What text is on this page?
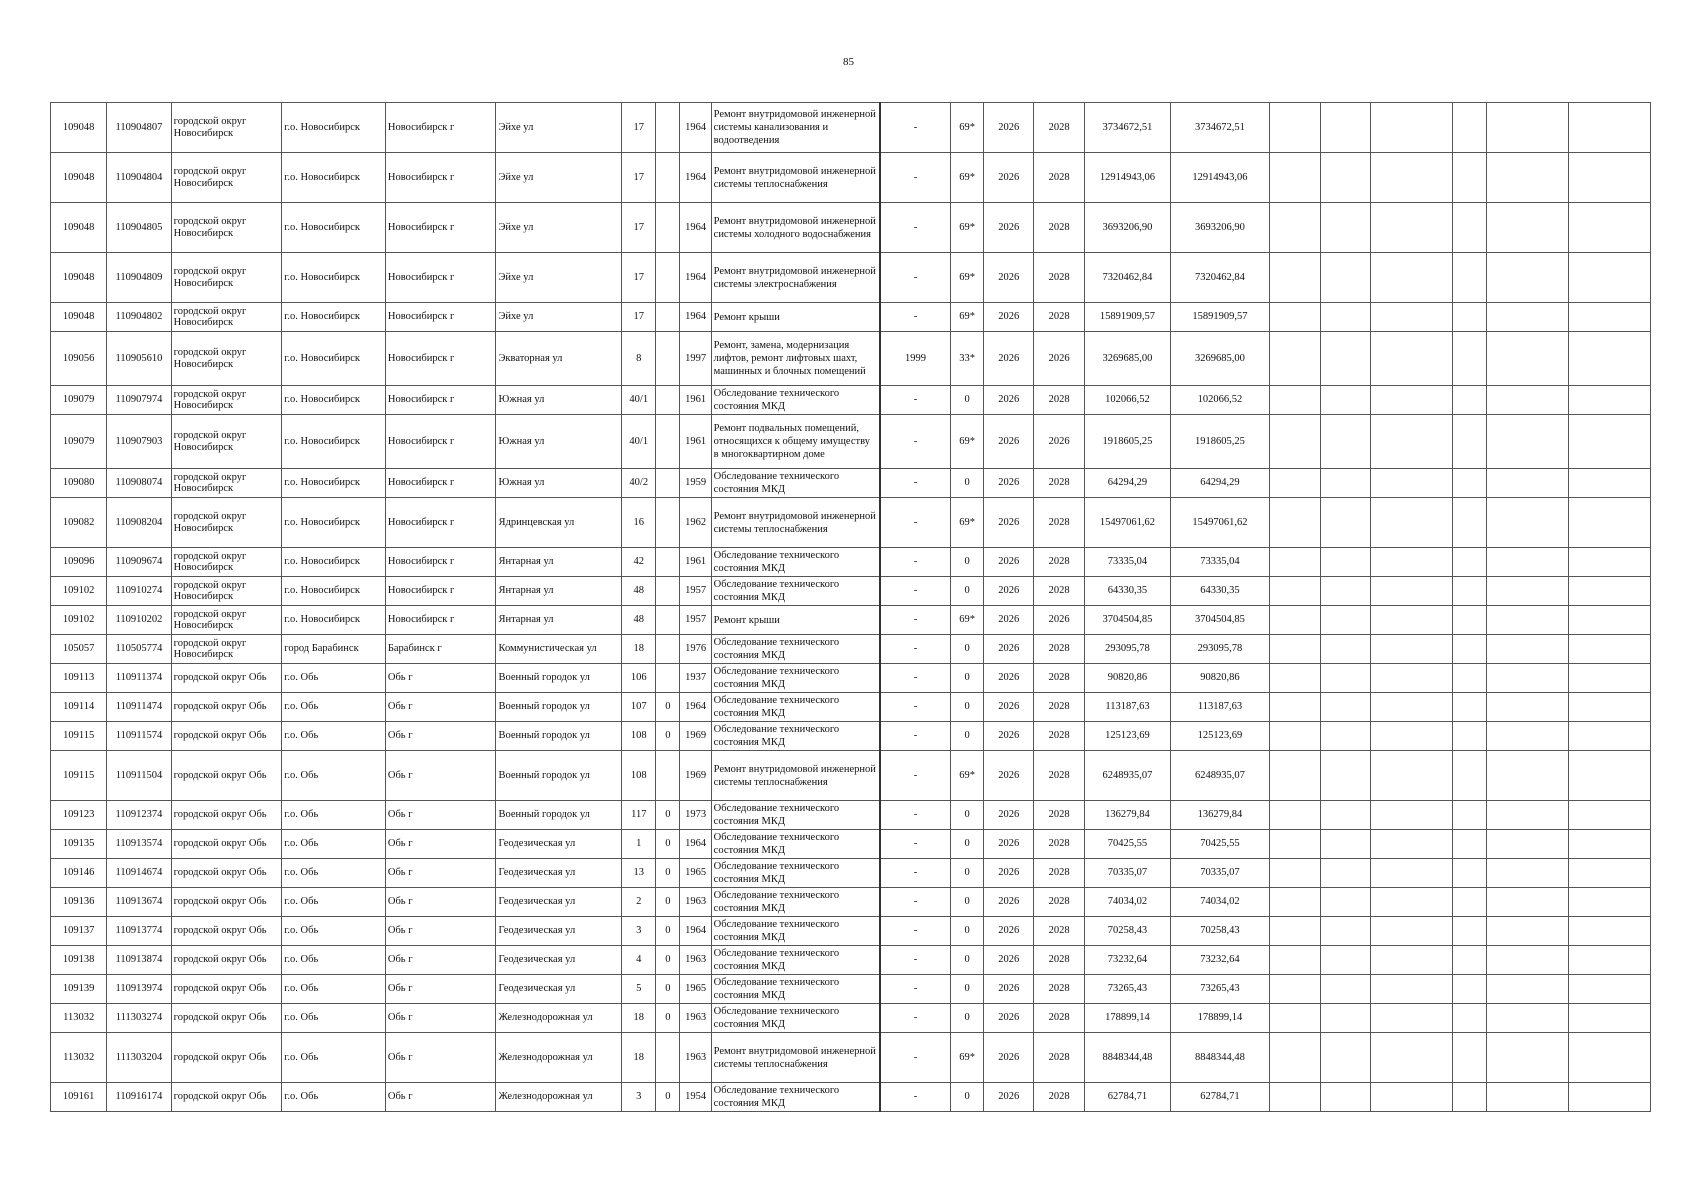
85
109048	110904807	городской округ Новосибирск	г.о. Новосибирск	Новосибирск г	Эйхе ул	17		1964	Ремонт внутридомовой инженерной системы канализования и водоотведения	-	69*	2026	2028	3734672,51	3734672,51						
109048	110904804	городской округ Новосибирск	г.о. Новосибирск	Новосибирск г	Эйхе ул	17		1964	Ремонт внутридомовой инженерной системы теплоснабжения	-	69*	2026	2028	12914943,06	12914943,06						
109048	110904805	городской округ Новосибирск	г.о. Новосибирск	Новосибирск г	Эйхе ул	17		1964	Ремонт внутридомовой инженерной системы холодного водоснабжения	-	69*	2026	2028	3693206,90	3693206,90						
109048	110904809	городской округ Новосибирск	г.о. Новосибирск	Новосибирск г	Эйхе ул	17		1964	Ремонт внутридомовой инженерной системы электроснабжения	-	69*	2026	2028	7320462,84	7320462,84						
109048	110904802	городской округ Новосибирск	г.о. Новосибирск	Новосибирск г	Эйхе ул	17		1964	Ремонт крыши	-	69*	2026	2028	15891909,57	15891909,57						
109056	110905610	городской округ Новосибирск	г.о. Новосибирск	Новосибирск г	Экваторная ул	8		1997	Ремонт, замена, модернизация лифтов, ремонт лифтовых шахт, машинных и блочных помещений	1999	33*	2026	2026	3269685,00	3269685,00						
109079	110907974	городской округ Новосибирск	г.о. Новосибирск	Новосибирск г	Южная ул	40/1		1961	Обследование технического состояния МКД	-	0	2026	2028	102066,52	102066,52						
109079	110907903	городской округ Новосибирск	г.о. Новосибирск	Новосибирск г	Южная ул	40/1		1961	Ремонт подвальных помещений, относящихся к общему имуществу в многоквартирном доме	-	69*	2026	2026	1918605,25	1918605,25						
109080	110908074	городской округ Новосибирск	г.о. Новосибирск	Новосибирск г	Южная ул	40/2		1959	Обследование технического состояния МКД	-	0	2026	2028	64294,29	64294,29						
109082	110908204	городской округ Новосибирск	г.о. Новосибирск	Новосибирск г	Ядринцевская ул	16		1962	Ремонт внутридомовой инженерной системы теплоснабжения	-	69*	2026	2028	15497061,62	15497061,62						
109096	110909674	городской округ Новосибирск	г.о. Новосибирск	Новосибирск г	Янтарная ул	42		1961	Обследование технического состояния МКД	-	0	2026	2028	73335,04	73335,04						
109102	110910274	городской округ Новосибирск	г.о. Новосибирск	Новосибирск г	Янтарная ул	48		1957	Обследование технического состояния МКД	-	0	2026	2028	64330,35	64330,35						
109102	110910202	городской округ Новосибирск	г.о. Новосибирск	Новосибирск г	Янтарная ул	48		1957	Ремонт крыши	-	69*	2026	2026	3704504,85	3704504,85						
105057	110505774	городской округ Новосибирск	город Барабинск	Барабинск г	Коммунистическая ул	18		1976	Обследование технического состояния МКД	-	0	2026	2028	293095,78	293095,78						
109113	110911374	городской округ Обь	г.о. Обь	Обь г	Военный городок ул	106		1937	Обследование технического состояния МКД	-	0	2026	2028	90820,86	90820,86						
109114	110911474	городской округ Обь	г.о. Обь	Обь г	Военный городок ул	107	0	1964	Обследование технического состояния МКД	-	0	2026	2028	113187,63	113187,63						
109115	110911574	городской округ Обь	г.о. Обь	Обь г	Военный городок ул	108	0	1969	Обследование технического состояния МКД	-	0	2026	2028	125123,69	125123,69						
109115	110911504	городской округ Обь	г.о. Обь	Обь г	Военный городок ул	108		1969	Ремонт внутридомовой инженерной системы теплоснабжения	-	69*	2026	2028	6248935,07	6248935,07						
109123	110912374	городской округ Обь	г.о. Обь	Обь г	Военный городок ул	117	0	1973	Обследование технического состояния МКД	-	0	2026	2028	136279,84	136279,84						
109135	110913574	городской округ Обь	г.о. Обь	Обь г	Геодезическая ул	1	0	1964	Обследование технического состояния МКД	-	0	2026	2028	70425,55	70425,55						
109146	110914674	городской округ Обь	г.о. Обь	Обь г	Геодезическая ул	13	0	1965	Обследование технического состояния МКД	-	0	2026	2028	70335,07	70335,07						
109136	110913674	городской округ Обь	г.о. Обь	Обь г	Геодезическая ул	2	0	1963	Обследование технического состояния МКД	-	0	2026	2028	74034,02	74034,02						
109137	110913774	городской округ Обь	г.о. Обь	Обь г	Геодезическая ул	3	0	1964	Обследование технического состояния МКД	-	0	2026	2028	70258,43	70258,43						
109138	110913874	городской округ Обь	г.о. Обь	Обь г	Геодезическая ул	4	0	1963	Обследование технического состояния МКД	-	0	2026	2028	73232,64	73232,64						
109139	110913974	городской округ Обь	г.о. Обь	Обь г	Геодезическая ул	5	0	1965	Обследование технического состояния МКД	-	0	2026	2028	73265,43	73265,43						
113032	111303274	городской округ Обь	г.о. Обь	Обь г	Железнодорожная ул	18	0	1963	Обследование технического состояния МКД	-	0	2026	2028	178899,14	178899,14						
113032	111303204	городской округ Обь	г.о. Обь	Обь г	Железнодорожная ул	18		1963	Ремонт внутридомовой инженерной системы теплоснабжения	-	69*	2026	2028	8848344,48	8848344,48						
109161	110916174	городской округ Обь	г.о. Обь	Обь г	Железнодорожная ул	3	0	1954	Обследование технического состояния МКД	-	0	2026	2028	62784,71	62784,71						
